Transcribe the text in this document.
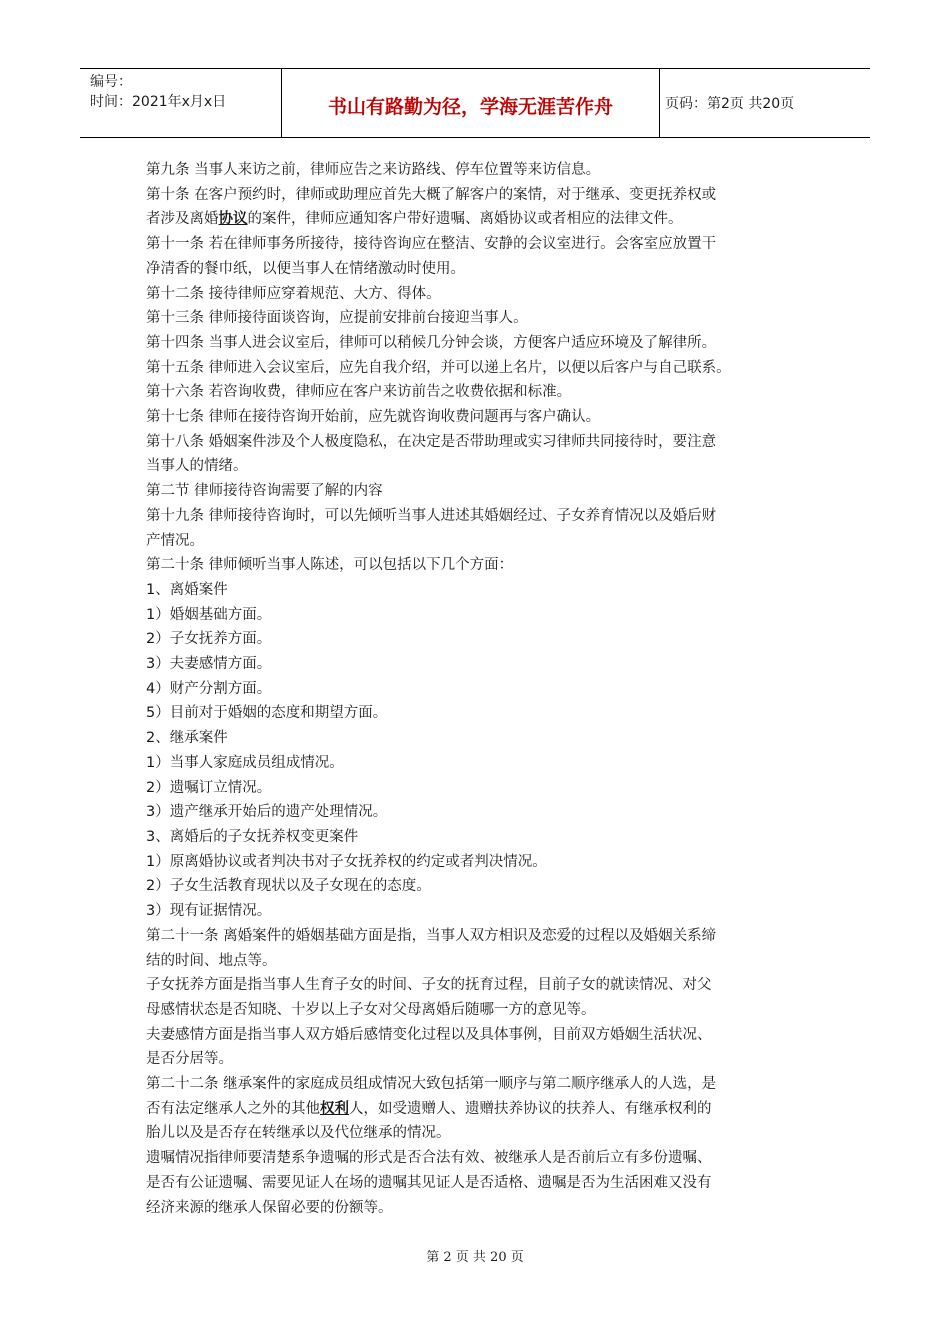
编号：
时间：2021年x月x日	书山有路勤为径，学海无涯苦作舟	页码：第2页 共20页
第九条 当事人来访之前，律师应告之来访路线、停车位置等来访信息。
第十条 在客户预约时，律师或助理应首先大概了解客户的案情，对于继承、变更抚养权或
者涉及离婚协议的案件，律师应通知客户带好遗嘱、离婚协议或者相应的法律文件。
第十一条 若在律师事务所接待，接待咨询应在整洁、安静的会议室进行。会客室应放置干
净清香的餐巾纸，以便当事人在情绪激动时使用。
第十二条 接待律师应穿着规范、大方、得体。
第十三条 律师接待面谈咨询，应提前安排前台接迎当事人。
第十四条 当事人进会议室后，律师可以稍候几分钟会谈，方便客户适应环境及了解律所。
第十五条 律师进入会议室后，应先自我介绍，并可以递上名片，以便以后客户与自己联系。
第十六条 若咨询收费，律师应在客户来访前告之收费依据和标准。
第十七条 律师在接待咨询开始前，应先就咨询收费问题再与客户确认。
第十八条 婚姻案件涉及个人极度隐私，在决定是否带助理或实习律师共同接待时，要注意
当事人的情绪。
第二节 律师接待咨询需要了解的内容
第十九条 律师接待咨询时，可以先倾听当事人进述其婚姻经过、子女养育情况以及婚后财
产情况。
第二十条 律师倾听当事人陈述，可以包括以下几个方面：
1、离婚案件
1）婚姻基础方面。
2）子女抚养方面。
3）夫妻感情方面。
4）财产分割方面。
5）目前对于婚姻的态度和期望方面。
2、继承案件
1）当事人家庭成员组成情况。
2）遗嘱订立情况。
3）遗产继承开始后的遗产处理情况。
3、离婚后的子女抚养权变更案件
1）原离婚协议或者判决书对子女抚养权的约定或者判决情况。
2）子女生活教育现状以及子女现在的态度。
3）现有证据情况。
第二十一条 离婚案件的婚姻基础方面是指，当事人双方相识及恋爱的过程以及婚姻关系缔
结的时间、地点等。
子女抚养方面是指当事人生育子女的时间、子女的抚育过程，目前子女的就读情况、对父
母感情状态是否知晓、十岁以上子女对父母离婚后随哪一方的意见等。
夫妻感情方面是指当事人双方婚后感情变化过程以及具体事例，目前双方婚姻生活状况、
是否分居等。
第二十二条 继承案件的家庭成员组成情况大致包括第一顺序与第二顺序继承人的人选，是
否有法定继承人之外的其他权利人，如受遗赠人、遗赠扶养协议的扶养人、有继承权利的
胎儿以及是否存在转继承以及代位继承的情况。
遗嘱情况指律师要清楚系争遗嘱的形式是否合法有效、被继承人是否前后立有多份遗嘱、
是否有公证遗嘱、需要见证人在场的遗嘱其见证人是否适格、遗嘱是否为生活困难又没有
经济来源的继承人保留必要的份额等。
第 2 页 共 20 页
